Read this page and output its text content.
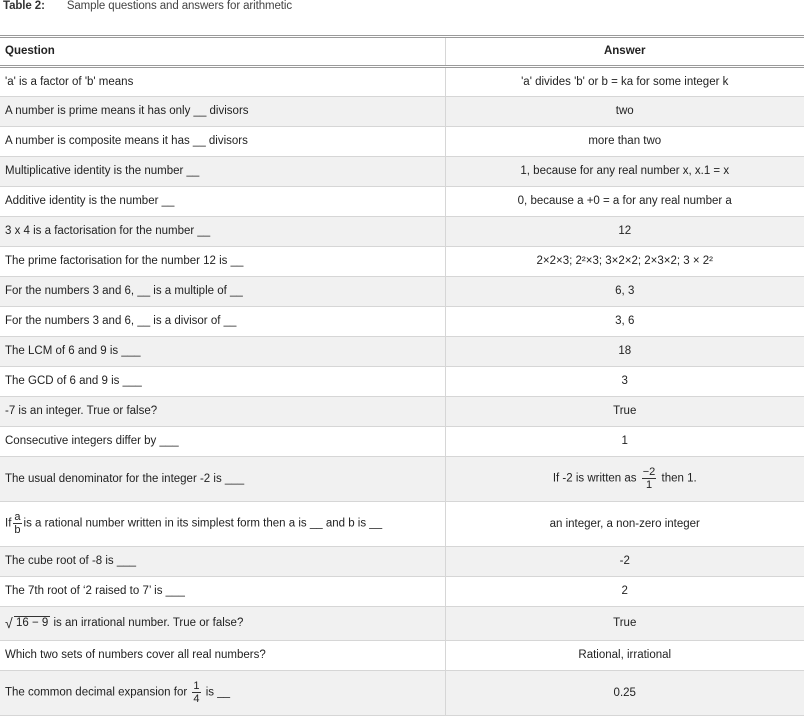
Table 2: Sample questions and answers for arithmetic
Question	Answer
'a' is a factor of 'b' means	'a' divides 'b' or b = ka for some integer k
A number is prime means it has only __ divisors	two
A number is composite means it has __ divisors	more than two
Multiplicative identity is the number __	1, because for any real number x, x.1 = x
Additive identity is the number __	0, because a +0 = a for any real number a
3 x 4 is a factorisation for the number __	12
The prime factorisation for the number 12 is __	2×2×3; 2²×3; 3×2×2; 2×3×2; 3 × 2²
For the numbers 3 and 6, __ is a multiple of __	6, 3
For the numbers 3 and 6, __ is a divisor of __	3, 6
The LCM of 6 and 9 is ___	18
The GCD of 6 and 9 is ___	3
-7 is an integer. True or false?	True
Consecutive integers differ by ___	1
The usual denominator for the integer -2 is ___	If -2 is written as $\frac{-2}{1}$ then 1.
If $\frac{a}{b}$ is a rational number written in its simplest form then a is __ and b is __	an integer, a non-zero integer
The cube root of -8 is ___	-2
The 7th root of ‘2 raised to 7’ is ___	2

√ 16 − 9 is an irrational number. True or false?	True
Which two sets of numbers cover all real numbers?	Rational, irrational
The common decimal expansion for $\frac{1}{4}$ is __	0.25
